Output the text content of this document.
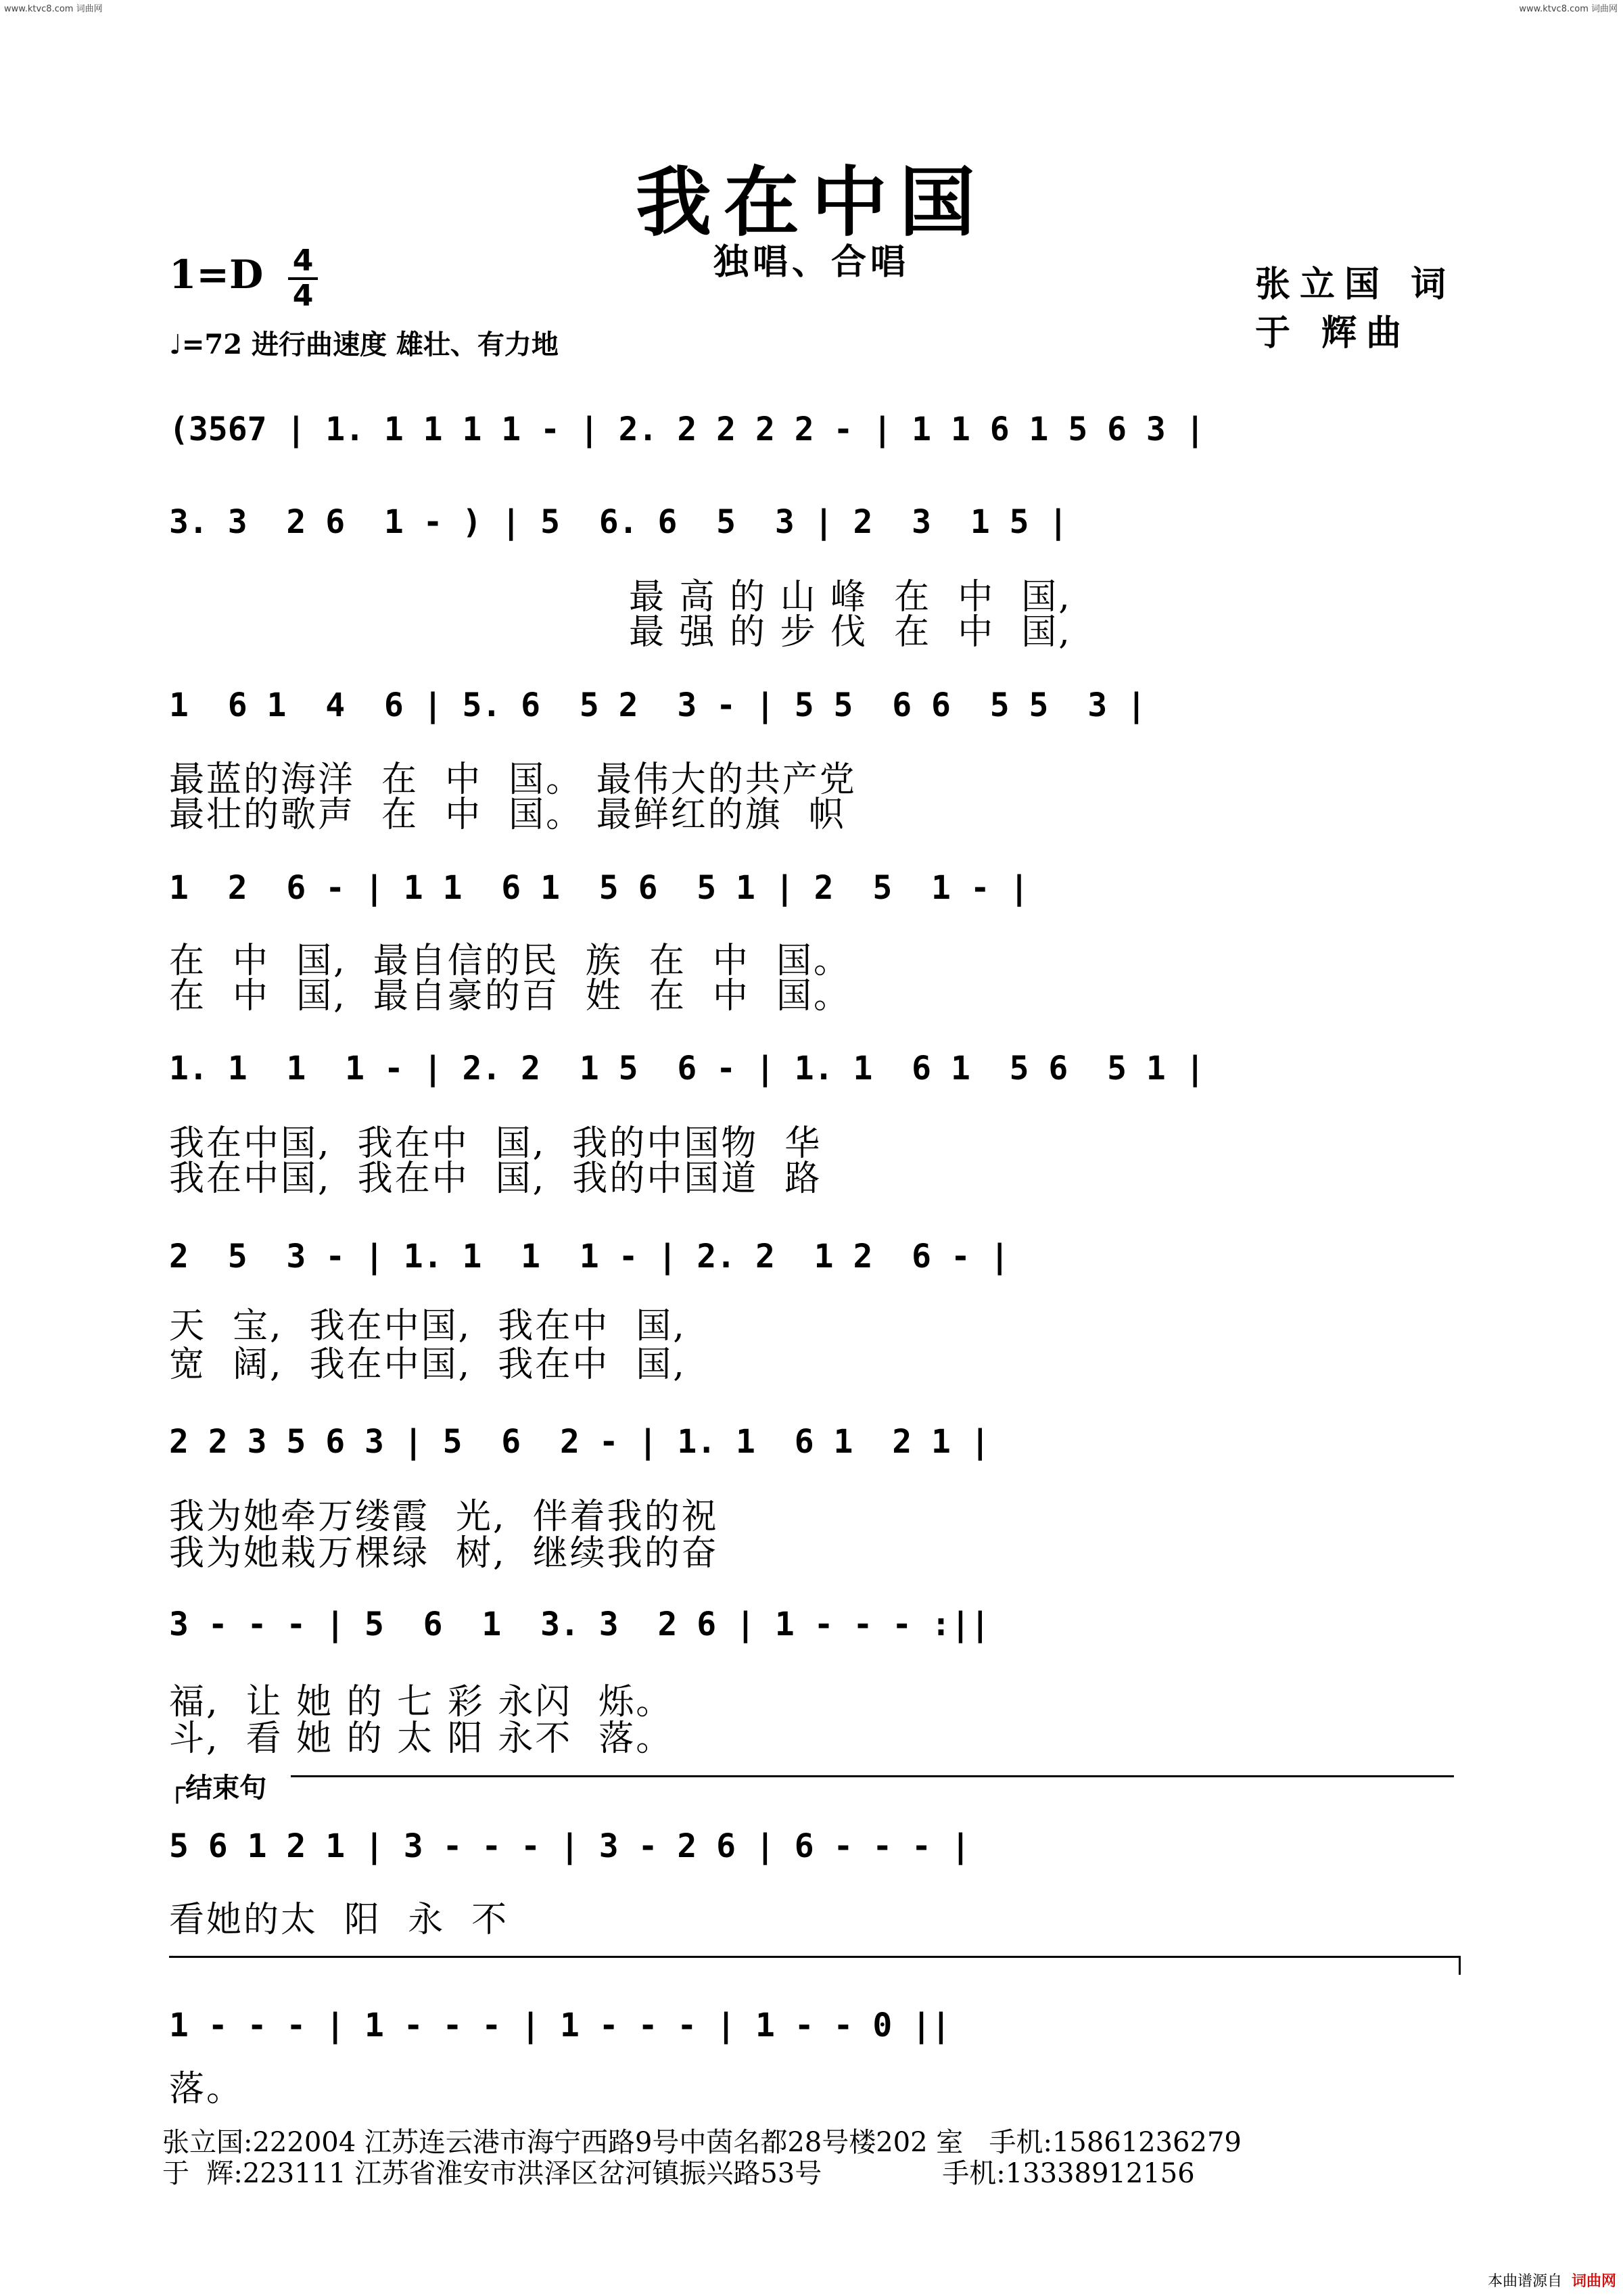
www.ktvc8.com 词曲网	www.ktvc8.com 词曲网
我在中国
独唱、合唱
1=D 4
4
♩=72 进行曲速度 雄壮、有力地
张立国 词
于 辉曲
(3567 | 1. 1 1 1 1 - | 2. 2 2 2 2 - | 1 1 6 1 5 6 3 |
3. 3  2 6  1 - ) | 5  6. 6  5  3 | 2  3  1 5 |
最 高 的 山 峰  在  中  国,
最 强 的 步 伐  在  中  国,
1  6 1  4  6 | 5. 6  5 2  3 - | 5 5  6 6  5 5  3 |
最蓝的海洋  在  中  国。 最伟大的共产党
最壮的歌声  在  中  国。 最鲜红的旗  帜
1  2  6 - | 1 1  6 1  5 6  5 1 | 2  5  1 - |
在  中  国,  最自信的民  族  在  中  国。
在  中  国,  最自豪的百  姓  在  中  国。
1. 1  1  1 - | 2. 2  1 5  6 - | 1. 1  6 1  5 6  5 1 |
我在中国,  我在中  国,  我的中国物  华
我在中国,  我在中  国,  我的中国道  路
2  5  3 - | 1. 1  1  1 - | 2. 2  1 2  6 - |
天  宝,  我在中国,  我在中  国,
宽  阔,  我在中国,  我在中  国,
2 2 3 5 6 3 | 5  6  2 - | 1. 1  6 1  2 1 |
我为她牵万缕霞  光,  伴着我的祝
我为她栽万棵绿  树,  继续我的奋
3 - - - | 5  6  1  3. 3  2 6 | 1 - - - :||
福,  让 她 的 七 彩 永闪  烁。
斗,  看 她 的 太 阳 永不  落。
┌结束句
5 6 1 2 1 | 3 - - - | 3 - 2 6 | 6 - - - |
看她的太  阳  永  不
1 - - - | 1 - - - | 1 - - - | 1 - - 0 ||
落。
张立国:222004 江苏连云港市海宁西路9号中茵名都28号楼202 室   手机:15861236279
于  辉:223111 江苏省淮安市洪泽区岔河镇振兴路53号              手机:13338912156
本曲谱源自 词曲网
